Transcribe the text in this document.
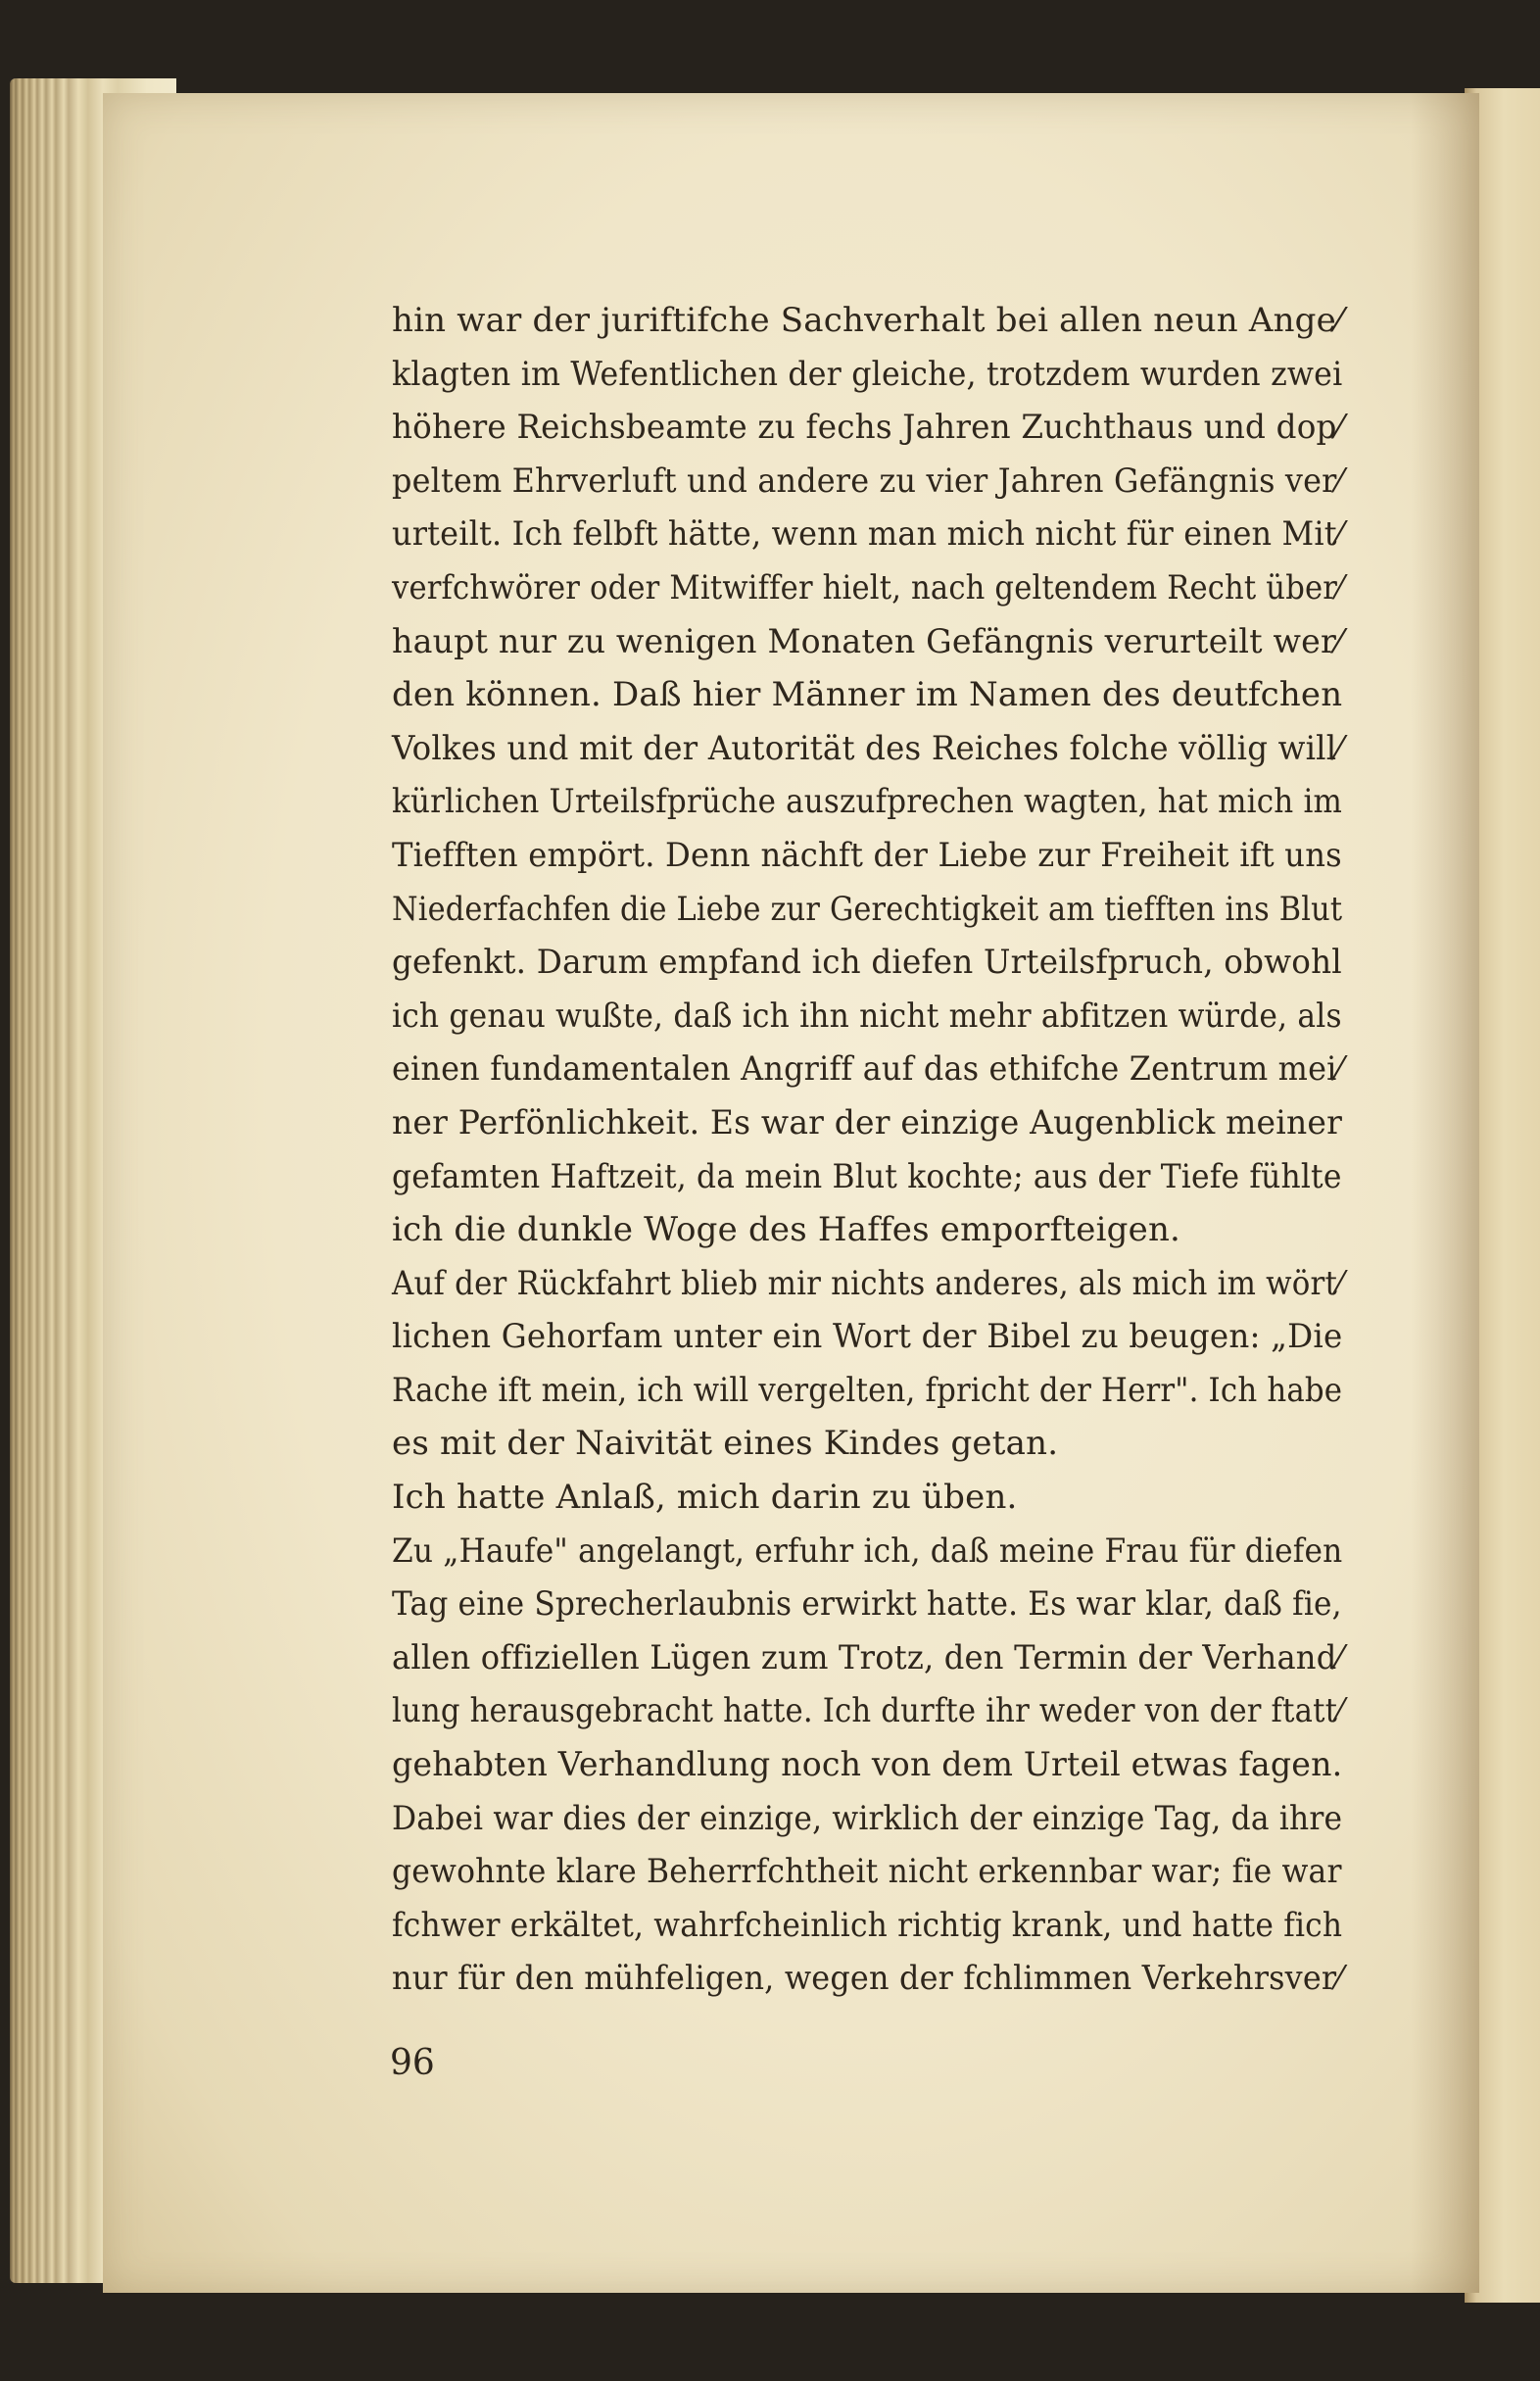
hin war der juriftifche Sachverhalt bei allen neun Ange⁄
klagten im Wefentlichen der gleiche, trotzdem wurden zwei
höhere Reichsbeamte zu fechs Jahren Zuchthaus und dop⁄
peltem Ehrverluft und andere zu vier Jahren Gefängnis ver⁄
urteilt. Ich felbft hätte, wenn man mich nicht für einen Mit⁄
verfchwörer oder Mitwiffer hielt, nach geltendem Recht über⁄
haupt nur zu wenigen Monaten Gefängnis verurteilt wer⁄
den können. Daß hier Männer im Namen des deutfchen
Volkes und mit der Autorität des Reiches folche völlig will⁄
kürlichen Urteilsfprüche auszufprechen wagten, hat mich im
Tiefften empört. Denn nächft der Liebe zur Freiheit ift uns
Niederfachfen die Liebe zur Gerechtigkeit am tiefften ins Blut
gefenkt. Darum empfand ich diefen Urteilsfpruch, obwohl
ich genau wußte, daß ich ihn nicht mehr abfitzen würde, als
einen fundamentalen Angriff auf das ethifche Zentrum mei⁄
ner Perfönlichkeit. Es war der einzige Augenblick meiner
gefamten Haftzeit, da mein Blut kochte; aus der Tiefe fühlte
ich die dunkle Woge des Haffes emporfteigen.
Auf der Rückfahrt blieb mir nichts anderes, als mich im wört⁄
lichen Gehorfam unter ein Wort der Bibel zu beugen: „Die
Rache ift mein, ich will vergelten, fpricht der Herr". Ich habe
es mit der Naivität eines Kindes getan.
Ich hatte Anlaß, mich darin zu üben.
Zu „Haufe" angelangt, erfuhr ich, daß meine Frau für diefen
Tag eine Sprecherlaubnis erwirkt hatte. Es war klar, daß fie,
allen offiziellen Lügen zum Trotz, den Termin der Verhand⁄
lung herausgebracht hatte. Ich durfte ihr weder von der ftatt⁄
gehabten Verhandlung noch von dem Urteil etwas fagen.
Dabei war dies der einzige, wirklich der einzige Tag, da ihre
gewohnte klare Beherrfchtheit nicht erkennbar war; fie war
fchwer erkältet, wahrfcheinlich richtig krank, und hatte fich
nur für den mühfeligen, wegen der fchlimmen Verkehrsver⁄
96
